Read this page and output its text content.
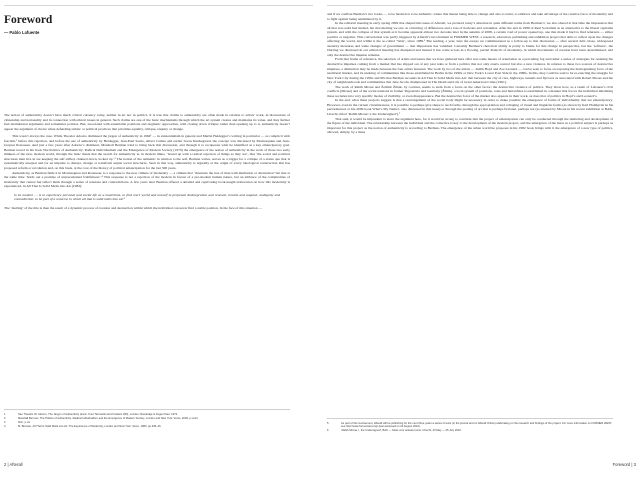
Foreword
— Pablo Lafuente

The notion of authenticity doesn’t have much critical currency today, neither in art nor in politics. It is true that claims to authenticity are often made in relation to artists’ work, in discussions of citizenship and nationality and in connection with ethical issues in general. Such claims are one of the basic mechanisms through which the art system creates and maintains its value, and they further fuel institutional arguments and sometimes policies. But, associated with essentialist positions and dogmatic approaches, with closing down critique rather than opening up to it, authenticity doesn’t appear the argument of choice when defending artistic or political practices that prioritise equality, critique, enquiry or change.

This wasn’t always the case. While Theodor Adorno dismissed the jargon of authenticity in 1964¹ — in existentialism in general and Martin Heidegger’s writing in particular — as complicit with fascism,² before this rejection, and before the use of authenticity by Heidegger, Jean-Paul Sartre, Albert Camus and earlier Soren Kierkegaard, the concept was discussed by Montesquieu and Jean-Jacques Rousseau. And just a few years after Adorno’s dismissal, Marshall Berman tried to bring back that discussion, and through it to recuperate what he identified as a key emancipatory goal. Berman traced in his book The Politics of Authenticity: Radical Individualism and the Emergence of Modern Society (1970) the emergence of the notion of authenticity in the work of those two early thinkers of the new, modern world, through the basic thesis that the search for authenticity is, in modern times, ‘bound up with a radical rejection of things as they are’, that ‘the social and political structures men live in are keeping the self stifled, chained down, locked up’.³ The notion of the authentic in relation to the self, Berman writes, serves as a trigger for a critique of a status quo that is systematically unequal and for an impulse to disrupt, change or transform unjust social structures. Seen in this way, authenticity is arguably at the origin of every ideological construction that has proposed reform or revolution and, on this basis, at the core of the history of political emancipation for the last 300 years.

Authenticity, as Berman finds it in Montesquieu and Rousseau, is a response to the new climate of modernity — a climate that ‘threatens the tree of man with mutilation or destruction’ but that at the same time ‘holds out a promise of unprecedented fruitfulness’.⁴ This response is not a rejection of the modern in favour of a pre-modern human nature, but an embrace of the complexities of modernity that cannot but reflect them through a series of tensions and contradictions. A few years later Berman offered a detailed and captivating book-length elaboration on how this modernity is experienced, in All That Is Solid Melts into Air (1982):

to be modern … is to experience personal and social life as a maelstrom, to find one’s world and oneself in perpetual disintegration and renewal, trouble and anguish, ambiguity and contradiction: to be part of a universe in which all that is solid melts into air.⁵

The ‘melting’ of the title is then the result of a dynamic process of creation and destruction within which the individual can never find a stable position. In the face of this situation —

1	See Theodor W. Adorno, The Jargon of Authenticity (trans. Knut Tarnowski and Frederic Will), London: Routledge & Kegan Paul, 1973.
2	Marshall Berman, The Politics of Authenticity: Radical Individualism and the Emergence of Modern Society, London and New York: Verso, 2009, p.xxviii.
3	Ibid., p.xix.
4	M. Berman, All That Is Solid Melts into Air: The Experience of Modernity, London and New York: Verso, 1983, pp.345–46.

and if we conflate Berman’s two books — to be modern is to be authentic, where this means being able to change and also to resist, to embrace and take advantage of the creative force of modernity and to fight against being annihilated by it.

In the editorial meeting in early spring 2009 that shaped this issue of Afterall, we pictured today’s situation in quite different terms from Berman’s; we also shared at that time the impression that all that was solid had melted, but that melting we saw as a blurring of differences and a loss of horizons and certainties. After the end in 1989 of Real Socialism as an alternative to the liberal capitalist system, and with the collapse of that system as it became apparent almost two decades later in the autumn of 2008, a certain void of power opened up, one that made it hard to find referents — either positive or negative. This conversation was partly triggered by Afterall’s involvement in FORMER WEST, a research, education, publishing and exhibition project that aims to reflect upon the changes affecting the world, and within it the so-called ‘West’, since 1989.⁶ But reading, a year, later the essays we commissioned as a follow-up to that discussion — after several debt crises, widespread austerity measures and some changes of government — that impression has vanished. Certainly Berman’s rhetorical ability is partly to blame for this change in perspective, but the ‘softness’, the blurring we discussed in our editorial meeting has dissipated and instead it has come across in a flowing, partial dialectic of modernity, in which movements of creation have been anaesthetised, and only the destructive impulse remains.

From that frame of reference, the selection of artists and issues that we have gathered here offer less some means of orientation as a pervading fog and rather a series of strategies for resisting the destructive impulses coming from a market that has slipped out of any past reins or from a politics that not only exerts control but also a new violence. In relation to these two sources of destructive impulses, a distinction may be made between the four artists featured. The work by two of the artists — Judith Hopf and Zoe Leonard — can be seen to focus on exposing the homogenising force of the neoliberal market, and its undoing of communities like those established in Berlin in the 1990s or New York’s Lower East Side in the 1980s. In this, they could be said to be re-enacting the struggle for New York City during the 1950s and 60s that Berman recounts in All That Is Solid Melts into Air: that between the city of cars, highways, tunnels and flyovers as associated with Robert Moses and the city of neighbourhoods and communities that Jane Jacobs championed in The Death and Life of Great American Cities (1961).

The work of Rabih Mroué and Želimir Žilnik, by contrast, seems to stem from a focus on the other factor: the destructive violence of politics. They show how, as a result of Lebanon’s civil conflicts (Mroué) and of the social tensions in former Yugoslavia and Germany (Žilnik), a local system of positions, roles and hierarchies is established in a manner that forces the individual inhabiting these societies into very specific modes of visibility, or even disappearance. But the destructive force of the market also appears in their work, as does that of politics in Hopf’s and Leonard’s.

In the end, what these projects suggest is that a rearrangement of the social body might be necessary in order to make possible the emergence of forms of individuality that are emancipatory. However, even in the current circumstances, it is possible to perhaps give shape to such forms, through the appropriation and collaging of visual and linguistic forms (as shown by Karl Holmqvist in his performances or his 2009 book What’s My Name?, also discussed in this issue) or through the posting of art that is perhaps fictional, perhaps not (as attested by Mroué in his recent exhibition at BAK, Utrecht, titled ‘Rabih Mroué: I, the Undersigned’).⁷

That said, it would be imprudent to leave the argument here, for it would be wrong to conclude that the project of emancipation can only be conducted through the sheltering and development of the figure of the individual. The relationship between the individual and the collective is key to the development of the modern project, and the emergence of the mass as a political subject is perhaps as important for this project as the notion of authenticity is according to Berman. The emergence of the urban world he proposes in his 1982 book brings with it the emergence of a new type of politics, allowed, simply, by a mass

5	As part of this involvement, Afterall will be publishing for the next three years a series of texts (in the journal and on Afterall Online) elaborating on the research and findings of the project. For more information on FORMER WEST, see http://www.formerwest.org/ (last accessed on 23 August 2010).
6	‘Rabih Mroué, I, the Undersigned’, BAK — basis voor actuele kunst, Utrecht, 23 May — 25 July 2010.
2 | Afterall	Foreword | 3
